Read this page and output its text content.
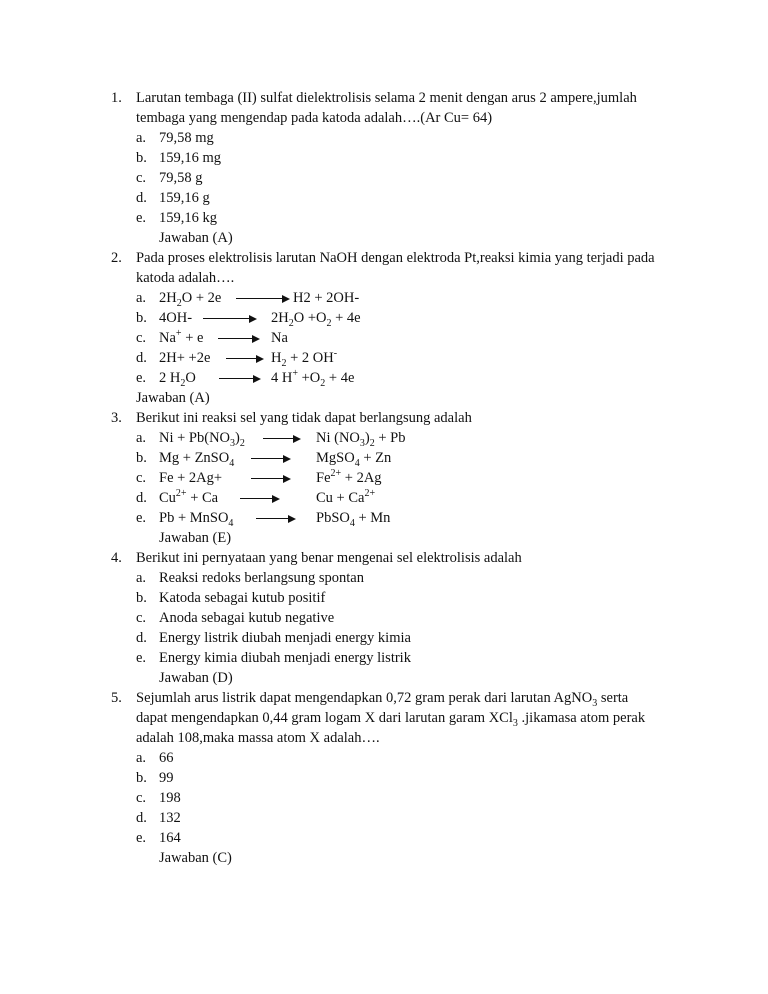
1. Larutan tembaga (II) sulfat dielektrolisis selama 2 menit dengan arus 2 ampere,jumlah
tembaga yang mengendap pada katoda adalah….(Ar Cu= 64)
a. 79,58 mg
b. 159,16 mg
c. 79,58 g
d. 159,16 g
e. 159,16 kg
Jawaban (A)
2. Pada proses elektrolisis larutan NaOH dengan elektroda Pt,reaksi kimia yang terjadi pada
katoda adalah….
a. $2H_2O + 2e \to H2 + 2OH-$
b. $4OH- \to 2H_2O +O_2 + 4e$
c. Na+ + e → Na
d. $2H+ +2e \to H_2 + 2$ OH-
e. 2 $H_2O \to 4$ $H^+ +O_2 + 4e$
Jawaban (A)
3. Berikut ini reaksi sel yang tidak dapat berlangsung adalah
a. $Ni + Pb(NO_3)_2 \to Ni$ $(NO_3)_2 + Pb$
b. Mg + ZnSO$_4$ → MgSO$_4$ + Zn
c. Fe + 2Ag+	$Fe^{2+} + 2Ag$
d. $Cu^{2+} + Ca$	$Cu + Ca^{2+}$
e. Pb + MnSO$_4$	PbSO$_4$ + Mn
Jawaban (E)
4. Berikut ini pernyataan yang benar mengenai sel elektrolisis adalah
a. Reaksi redoks berlangsung spontan
b. Katoda sebagai kutub positif
c. Anoda sebagai kutub negative
d. Energy listrik diubah menjadi energy kimia
e. Energy kimia diubah menjadi energy listrik
Jawaban (D)
5. Sejumlah arus listrik dapat mengendapkan 0,72 gram perak dari larutan AgNO$_3$ serta
dapat mengendapkan 0,44 gram logam X dari larutan garam XCl$_3$ .jikamasa atom perak
adalah 108,maka massa atom X adalah….
a. 66
b. 99
c. 198
d. 132
e. 164
Jawaban (C)
